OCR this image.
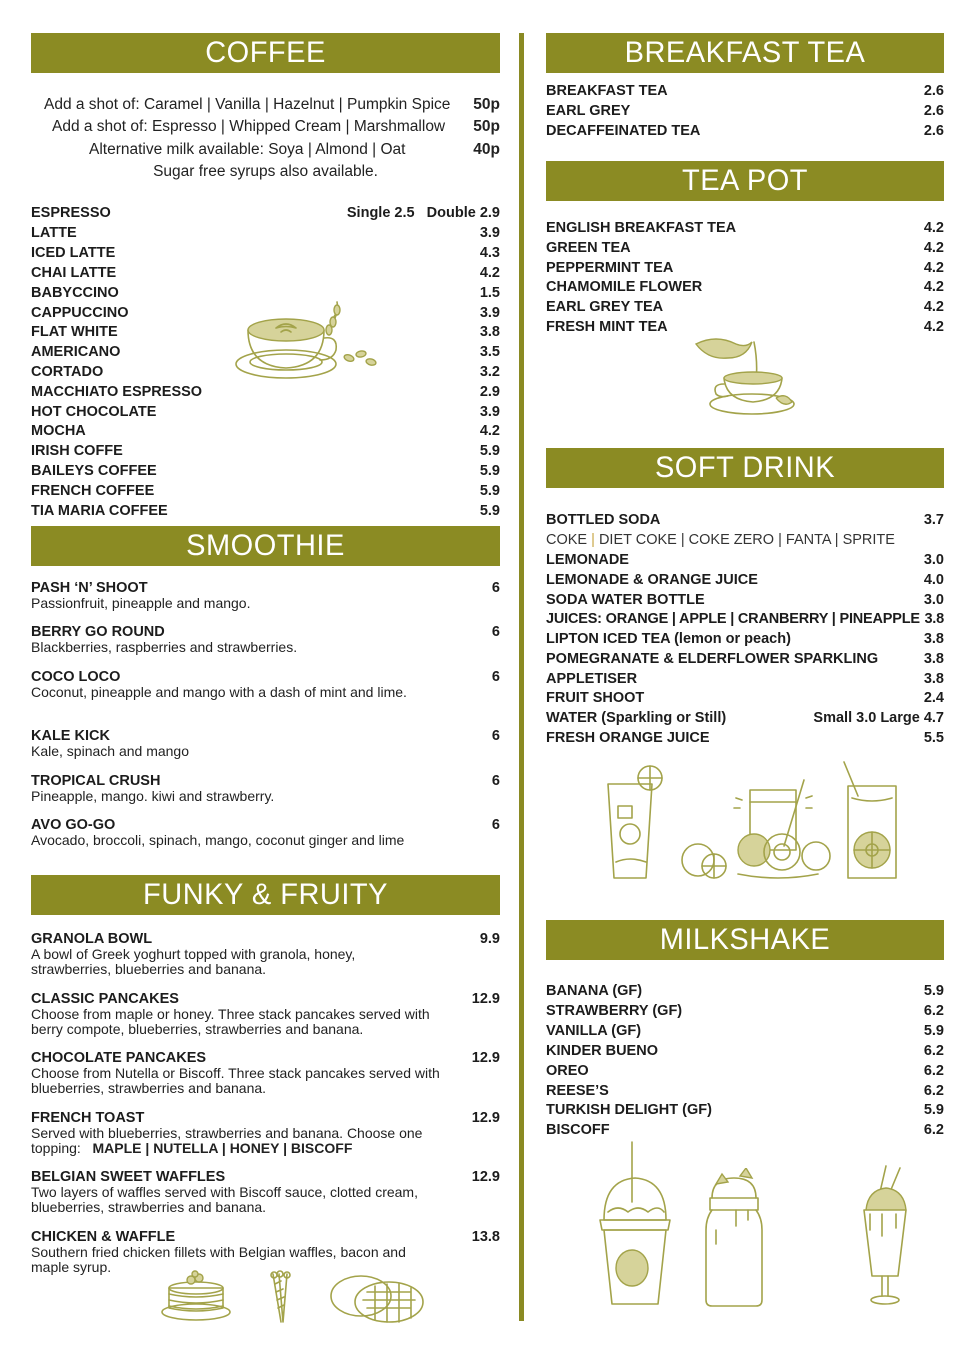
COFFEE
Add a shot of: Caramel | Vanilla | Hazelnut | Pumpkin Spice 50p
Add a shot of: Espresso | Whipped Cream | Marshmallow 50p
Alternative milk available: Soya | Almond | Oat	40p
Sugar free syrups also available.
ESPRESSO	Single 2.5   Double 2.9
LATTE	3.9
ICED LATTE	4.3
CHAI LATTE	4.2
BABYCCINO	1.5
CAPPUCCINO	3.9
FLAT WHITE	3.8
AMERICANO	3.5
CORTADO	3.2
MACCHIATO ESPRESSO	2.9
HOT CHOCOLATE	3.9
MOCHA	4.2
IRISH COFFE	5.9
BAILEYS COFFEE	5.9
FRENCH COFFEE	5.9
TIA MARIA COFFEE	5.9
SMOOTHIE
PASH ‘N’ SHOOT	6
Passionfruit, pineapple and mango.
BERRY GO ROUND	6
Blackberries, raspberries and strawberries.
COCO LOCO	6
Coconut, pineapple and mango with a dash of mint and lime.
KALE KICK	6
Kale, spinach and mango
TROPICAL CRUSH	6
Pineapple, mango. kiwi and strawberry.
AVO GO-GO	6
Avocado, broccoli, spinach, mango, coconut ginger and lime
FUNKY & FRUITY
GRANOLA BOWL	9.9
A bowl of Greek yoghurt topped with granola, honey, strawberries, blueberries and banana.
CLASSIC PANCAKES	12.9
Choose from maple or honey. Three stack pancakes served with berry compote, blueberries, strawberries and banana.
CHOCOLATE PANCAKES	12.9
Choose from Nutella or Biscoff. Three stack pancakes served with blueberries, strawberries and banana.
FRENCH TOAST	12.9
Served with blueberries, strawberries and banana. Choose one topping: MAPLE | NUTELLA | HONEY | BISCOFF
BELGIAN SWEET WAFFLES	12.9
Two layers of waffles served with Biscoff sauce, clotted cream, blueberries, strawberries and banana.
CHICKEN & WAFFLE	13.8
Southern fried chicken fillets with Belgian waffles, bacon and maple syrup.
BREAKFAST TEA
BREAKFAST TEA	2.6
EARL GREY	2.6
DECAFFEINATED TEA	2.6
TEA POT
ENGLISH BREAKFAST TEA	4.2
GREEN TEA	4.2
PEPPERMINT TEA	4.2
CHAMOMILE FLOWER	4.2
EARL GREY TEA	4.2
FRESH MINT TEA	4.2
SOFT DRINK
BOTTLED SODA	3.7
COKE | DIET COKE | COKE ZERO | FANTA | SPRITE
LEMONADE	3.0
LEMONADE & ORANGE JUICE	4.0
SODA WATER BOTTLE	3.0
JUICES: ORANGE | APPLE | CRANBERRY | PINEAPPLE 3.8
LIPTON ICED TEA (lemon or peach)	3.8
POMEGRANATE & ELDERFLOWER SPARKLING	3.8
APPLETISER	3.8
FRUIT SHOOT	2.4
WATER (Sparkling or Still)	Small 3.0 Large 4.7
FRESH ORANGE JUICE	5.5
MILKSHAKE
BANANA (GF)	5.9
STRAWBERRY (GF)	6.2
VANILLA (GF)	5.9
KINDER BUENO	6.2
OREO	6.2
REESE’S	6.2
TURKISH DELIGHT (GF)	5.9
BISCOFF	6.2
